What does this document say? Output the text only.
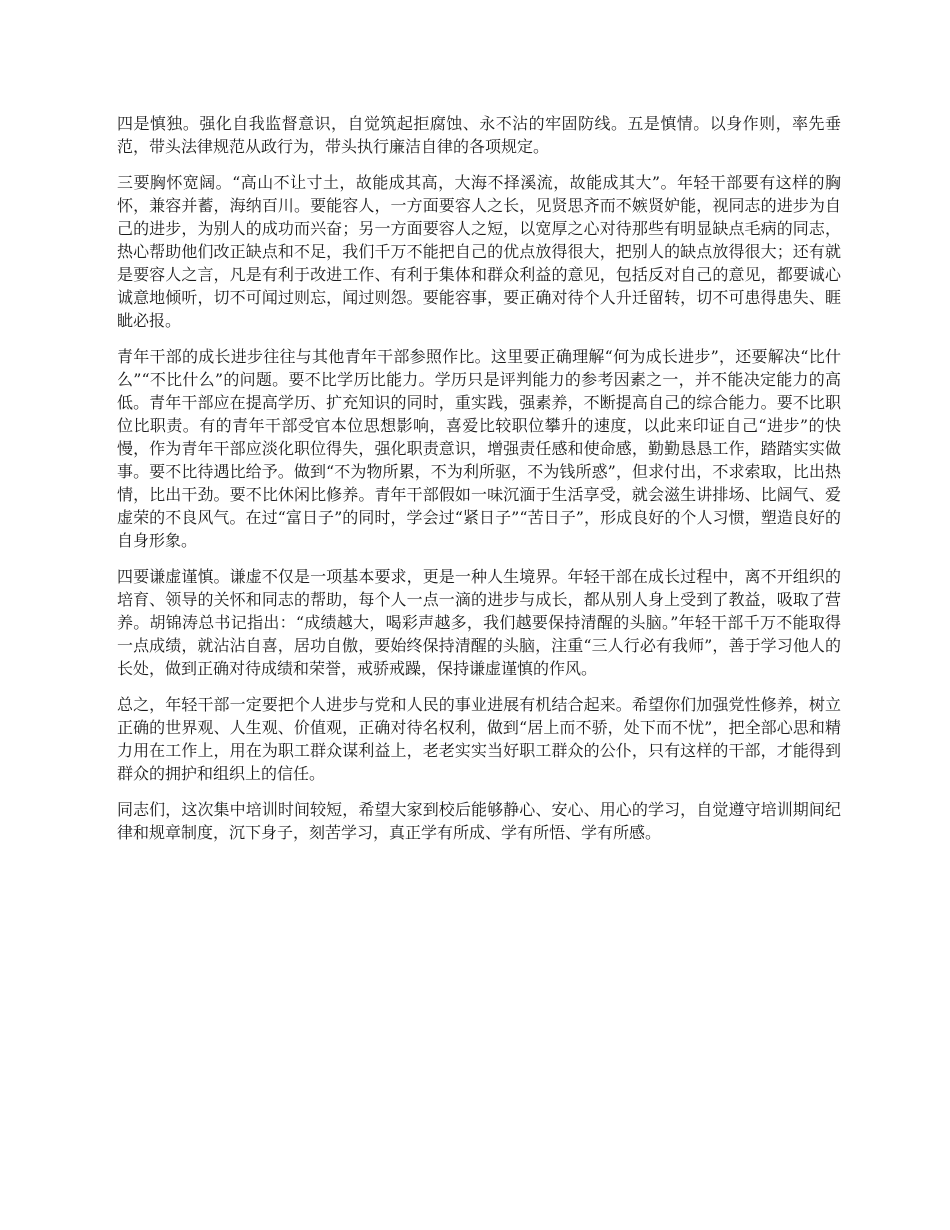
四是慎独。强化自我监督意识，自觉筑起拒腐蚀、永不沾的牢固防线。五是慎情。以身作则，率先垂范，带头法律规范从政行为，带头执行廉洁自律的各项规定。

三要胸怀宽阔。“高山不让寸土，故能成其高，大海不择溪流，故能成其大”。年轻干部要有这样的胸怀，兼容并蓄，海纳百川。要能容人，一方面要容人之长，见贤思齐而不嫉贤妒能，视同志的进步为自己的进步，为别人的成功而兴奋；另一方面要容人之短，以宽厚之心对待那些有明显缺点毛病的同志，热心帮助他们改正缺点和不足，我们千万不能把自己的优点放得很大，把别人的缺点放得很大；还有就是要容人之言，凡是有利于改进工作、有利于集体和群众利益的意见，包括反对自己的意见，都要诚心诚意地倾听，切不可闻过则忘，闻过则怨。要能容事，要正确对待个人升迁留转，切不可患得患失、睚眦必报。

青年干部的成长进步往往与其他青年干部参照作比。这里要正确理解“何为成长进步”，还要解决“比什么”“不比什么”的问题。要不比学历比能力。学历只是评判能力的参考因素之一，并不能决定能力的高低。青年干部应在提高学历、扩充知识的同时，重实践，强素养，不断提高自己的综合能力。要不比职位比职责。有的青年干部受官本位思想影响，喜爱比较职位攀升的速度，以此来印证自己“进步”的快慢，作为青年干部应淡化职位得失，强化职责意识，增强责任感和使命感，勤勤恳恳工作，踏踏实实做事。要不比待遇比给予。做到“不为物所累，不为利所驱，不为钱所惑”，但求付出，不求索取，比出热情，比出干劲。要不比休闲比修养。青年干部假如一味沉湎于生活享受，就会滋生讲排场、比阔气、爱虚荣的不良风气。在过“富日子”的同时，学会过“紧日子”“苦日子”，形成良好的个人习惯，塑造良好的自身形象。

四要谦虚谨慎。谦虚不仅是一项基本要求，更是一种人生境界。年轻干部在成长过程中，离不开组织的培育、领导的关怀和同志的帮助，每个人一点一滴的进步与成长，都从别人身上受到了教益，吸取了营养。胡锦涛总书记指出：“成绩越大，喝彩声越多，我们越要保持清醒的头脑。”年轻干部千万不能取得一点成绩，就沾沾自喜，居功自傲，要始终保持清醒的头脑，注重“三人行必有我师”，善于学习他人的长处，做到正确对待成绩和荣誉，戒骄戒躁，保持谦虚谨慎的作风。

总之，年轻干部一定要把个人进步与党和人民的事业进展有机结合起来。希望你们加强党性修养，树立正确的世界观、人生观、价值观，正确对待名权利，做到“居上而不骄，处下而不忧”，把全部心思和精力用在工作上，用在为职工群众谋利益上，老老实实当好职工群众的公仆，只有这样的干部，才能得到群众的拥护和组织上的信任。

同志们，这次集中培训时间较短，希望大家到校后能够静心、安心、用心的学习，自觉遵守培训期间纪律和规章制度，沉下身子，刻苦学习，真正学有所成、学有所悟、学有所感。
